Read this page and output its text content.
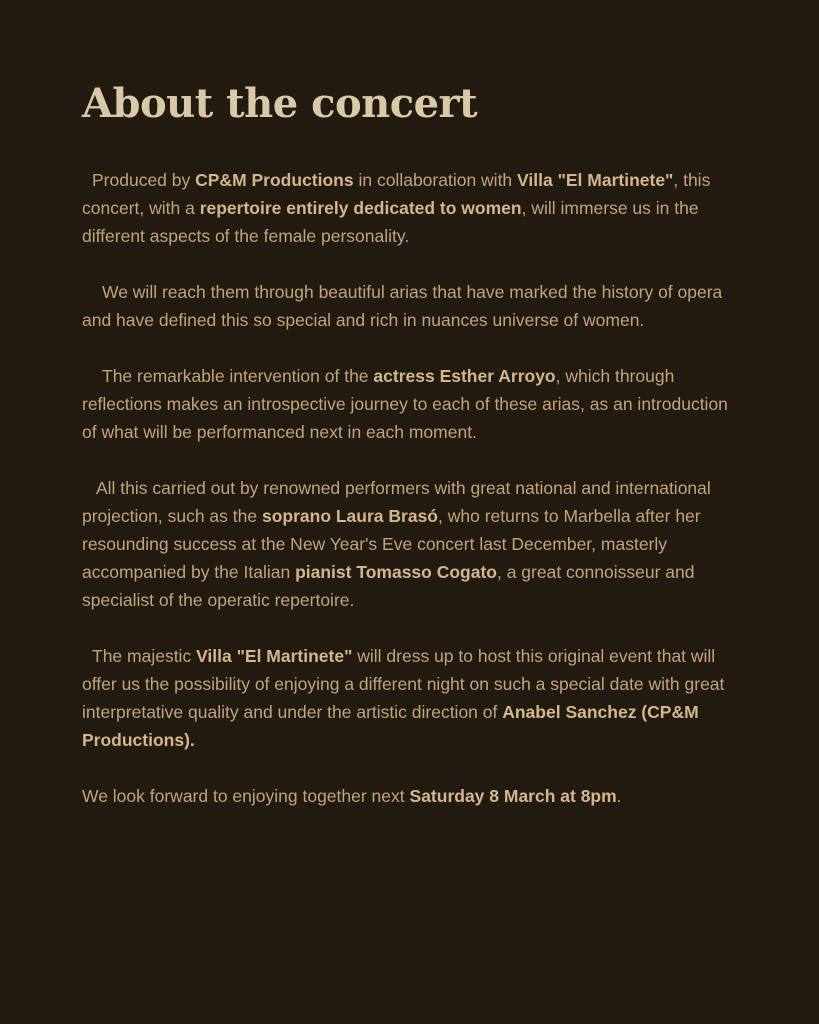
About the concert

Produced by CP&M Productions in collaboration with Villa "El Martinete", this concert, with a repertoire entirely dedicated to women, will immerse us in the different aspects of the female personality.

We will reach them through beautiful arias that have marked the history of opera and have defined this so special and rich in nuances universe of women.

The remarkable intervention of the actress Esther Arroyo, which through reflections makes an introspective journey to each of these arias, as an introduction of what will be performanced next in each moment.

All this carried out by renowned performers with great national and international projection, such as the soprano Laura Brasó, who returns to Marbella after her resounding success at the New Year's Eve concert last December, masterly accompanied by the Italian pianist Tomasso Cogato, a great connoisseur and specialist of the operatic repertoire.

The majestic Villa "El Martinete" will dress up to host this original event that will offer us the possibility of enjoying a different night on such a special date with great interpretative quality and under the artistic direction of Anabel Sanchez (CP&M Productions).

We look forward to enjoying together next Saturday 8 March at 8pm.
